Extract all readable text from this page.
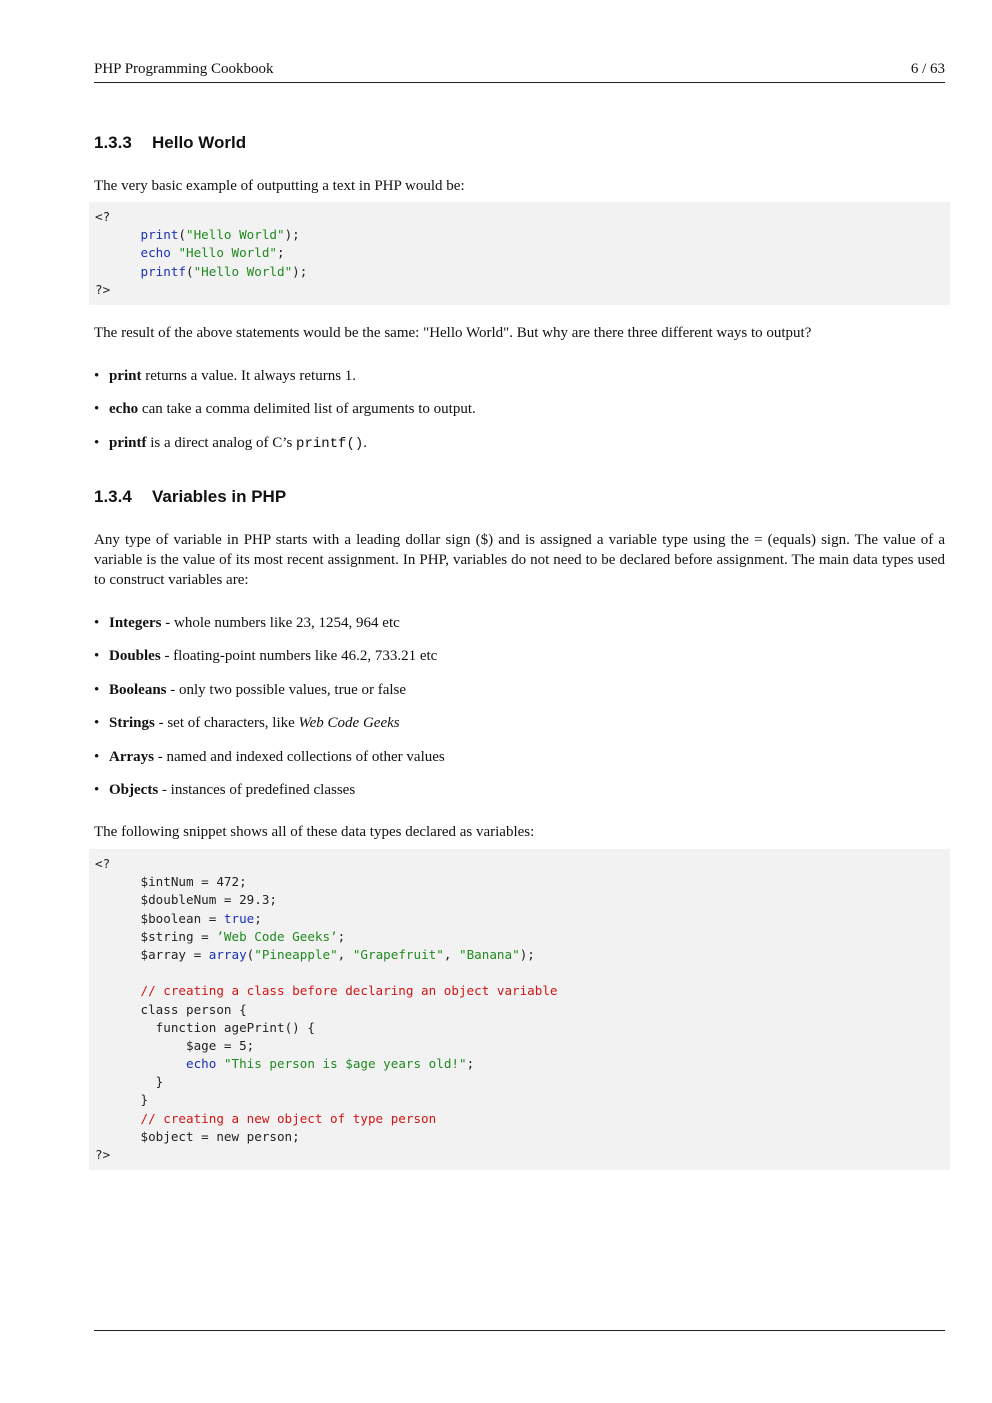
PHP Programming Cookbook	6 / 63
1.3.3 Hello World

The very basic example of outputting a text in PHP would be:

<?
print("Hello World");
echo "Hello World";
printf("Hello World");
?>

The result of the above statements would be the same: "Hello World". But why are there three different ways to output?

• print returns a value. It always returns 1.
• echo can take a comma delimited list of arguments to output.
• printf is a direct analog of C’s printf().
1.3.4 Variables in PHP

Any type of variable in PHP starts with a leading dollar sign ($) and is assigned a variable type using the = (equals) sign. The value of a variable is the value of its most recent assignment. In PHP, variables do not need to be declared before assignment. The main data types used to construct variables are:

• Integers - whole numbers like 23, 1254, 964 etc
• Doubles - floating-point numbers like 46.2, 733.21 etc
• Booleans - only two possible values, true or false
• Strings - set of characters, like Web Code Geeks
• Arrays - named and indexed collections of other values
• Objects - instances of predefined classes

The following snippet shows all of these data types declared as variables:

<?
$intNum = 472;
$doubleNum = 29.3;
$boolean = true;
$string = ’Web Code Geeks’;
$array = array("Pineapple", "Grapefruit", "Banana");
// creating a class before declaring an object variable
class person {
function agePrint() {
$age = 5;
echo "This person is $age years old!";
}
}
// creating a new object of type person
$object = new person;
?>
